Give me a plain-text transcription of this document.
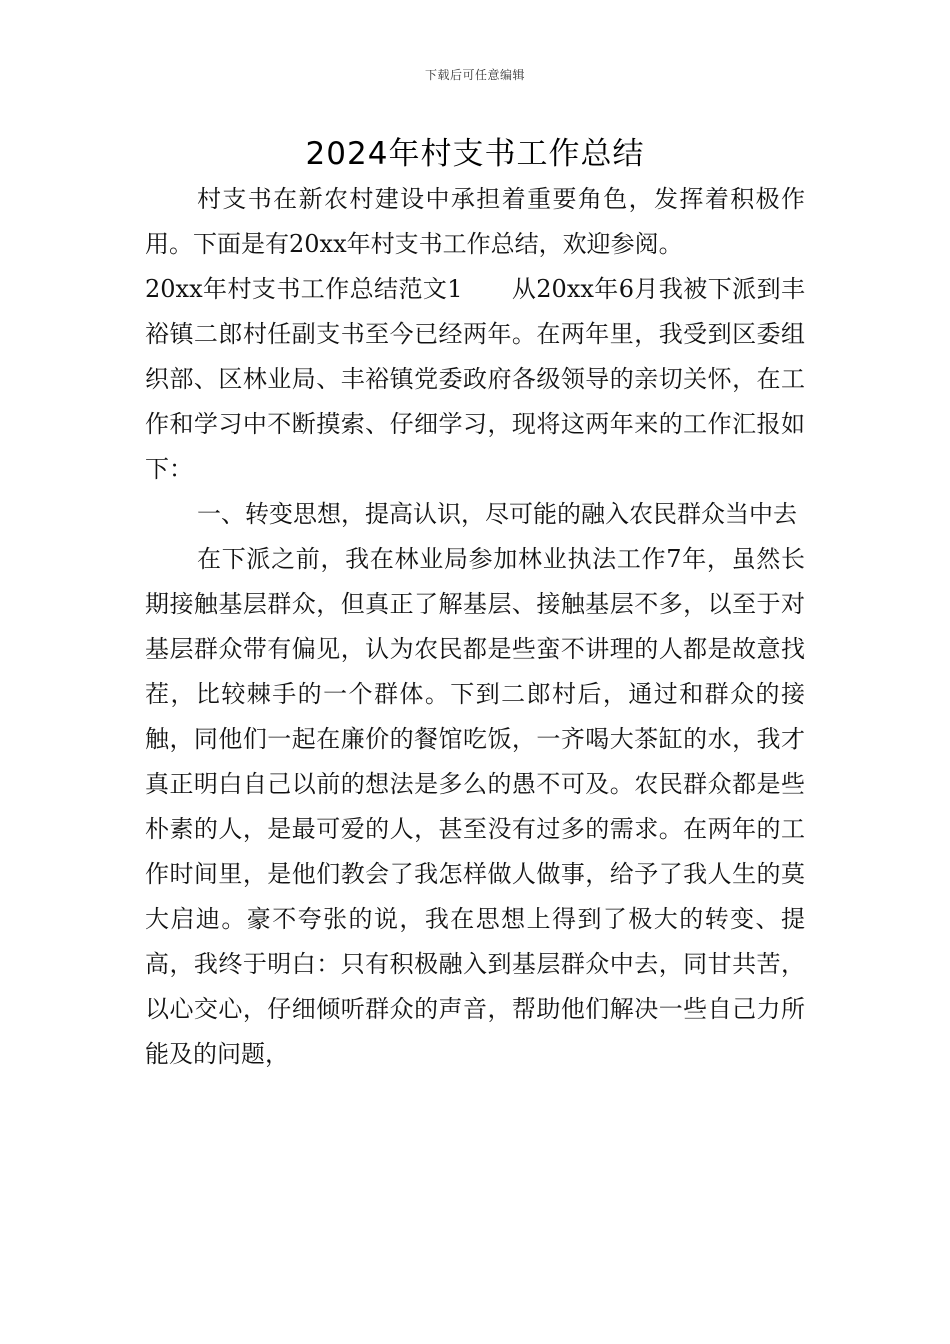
下载后可任意编辑
2024年村支书工作总结

村支书在新农村建设中承担着重要角色，发挥着积极作用。下面是有20xx年村支书工作总结，欢迎参阅。

20xx年村支书工作总结范文1　　从20xx年6月我被下派到丰裕镇二郎村任副支书至今已经两年。在两年里，我受到区委组织部、区林业局、丰裕镇党委政府各级领导的亲切关怀，在工作和学习中不断摸索、仔细学习，现将这两年来的工作汇报如下：

一、转变思想，提高认识，尽可能的融入农民群众当中去

在下派之前，我在林业局参加林业执法工作7年，虽然长期接触基层群众，但真正了解基层、接触基层不多，以至于对基层群众带有偏见，认为农民都是些蛮不讲理的人都是故意找茬，比较棘手的一个群体。下到二郎村后，通过和群众的接触，同他们一起在廉价的餐馆吃饭，一齐喝大茶缸的水，我才真正明白自己以前的想法是多么的愚不可及。农民群众都是些朴素的人，是最可爱的人，甚至没有过多的需求。在两年的工作时间里，是他们教会了我怎样做人做事，给予了我人生的莫大启迪。豪不夸张的说，我在思想上得到了极大的转变、提高，我终于明白：只有积极融入到基层群众中去，同甘共苦，以心交心，仔细倾听群众的声音，帮助他们解决一些自己力所能及的问题，
